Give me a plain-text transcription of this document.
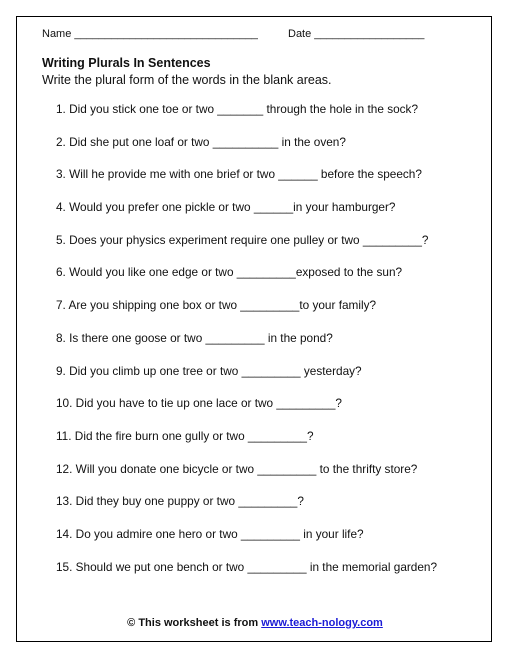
Name ______________________________	Date __________________
Writing Plurals In Sentences
Write the plural form of the words in the blank areas.
1. Did you stick one toe or two _______ through the hole in the sock?
2. Did she put one loaf or two __________ in the oven?
3. Will he provide me with one brief or two ______ before the speech?
4. Would you prefer one pickle or two ______in your hamburger?
5. Does your physics experiment require one pulley or two _________?
6. Would you like one edge or two _________exposed to the sun?
7. Are you shipping one box or two _________to your family?
8. Is there one goose or two _________ in the pond?
9. Did you climb up one tree or two _________ yesterday?
10. Did you have to tie up one lace or two _________?
11. Did the fire burn one gully or two _________?
12. Will you donate one bicycle or two _________ to the thrifty store?
13. Did they buy one puppy or two _________?
14. Do you admire one hero or two _________ in your life?
15. Should we put one bench or two _________ in the memorial garden?
© This worksheet is from www.teach-nology.com
